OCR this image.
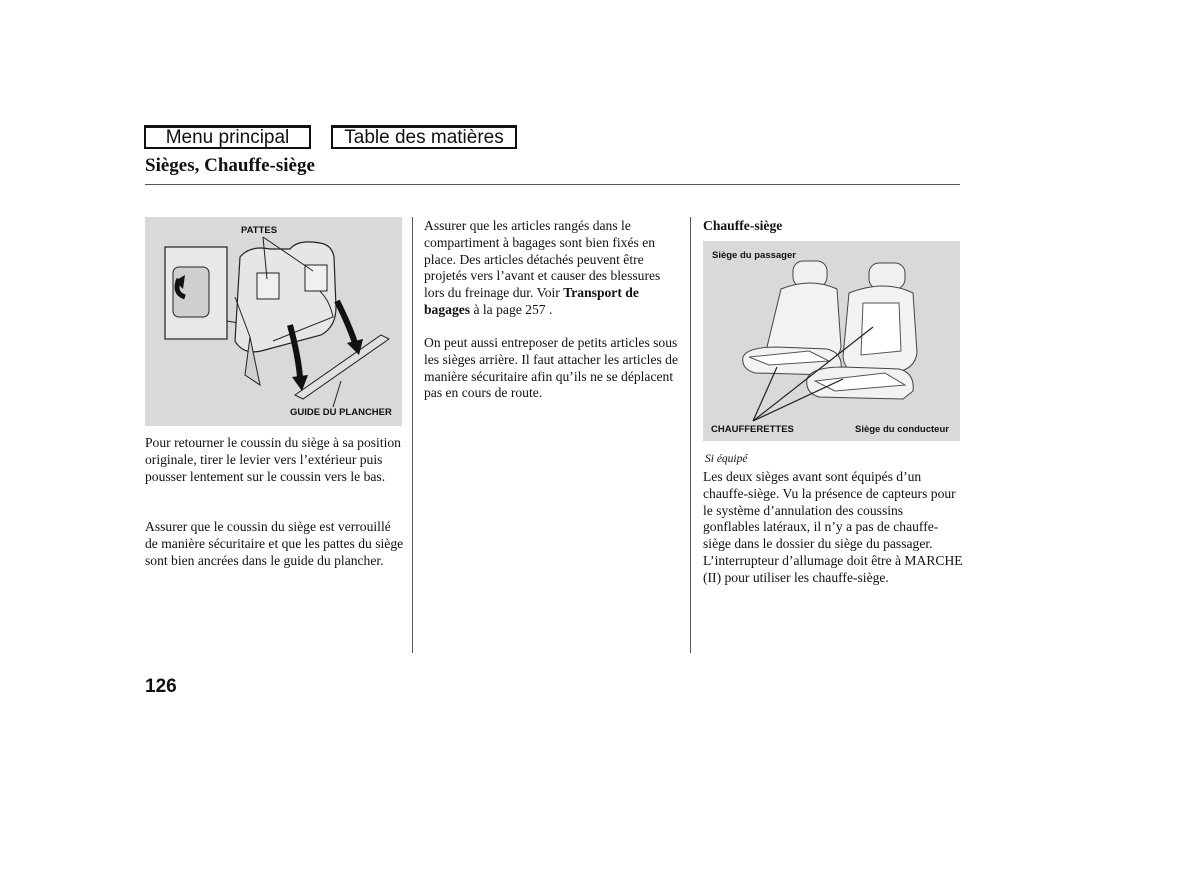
Menu principal	Table des matières
Sièges, Chauffe-siège
PATTES
GUIDE DU PLANCHER

Pour retourner le coussin du siège à sa position originale, tirer le levier vers l’extérieur puis pousser lentement sur le coussin vers le bas.

Assurer que le coussin du siège est verrouillé de manière sécuritaire et que les pattes du siège sont bien ancrées dans le guide du plancher.

Assurer que les articles rangés dans le compartiment à bagages sont bien fixés en place. Des articles détachés peuvent être projetés vers l’avant et causer des blessures lors du freinage dur. Voir Transport de bagages à la page 257 .

On peut aussi entreposer de petits articles sous les sièges arrière. Il faut attacher les articles de manière sécuritaire afin qu’ils ne se déplacent pas en cours de route.

Chauffe-siège
Siège du passager
CHAUFFERETTES	Siège du conducteur

Si équipé

Les deux sièges avant sont équipés d’un chauffe-siège. Vu la présence de capteurs pour le système d’annulation des coussins gonflables latéraux, il n’y a pas de chauffe-siège dans le dossier du siège du passager. L’interrupteur d’allumage doit être à MARCHE (II) pour utiliser les chauffe-siège.

126
